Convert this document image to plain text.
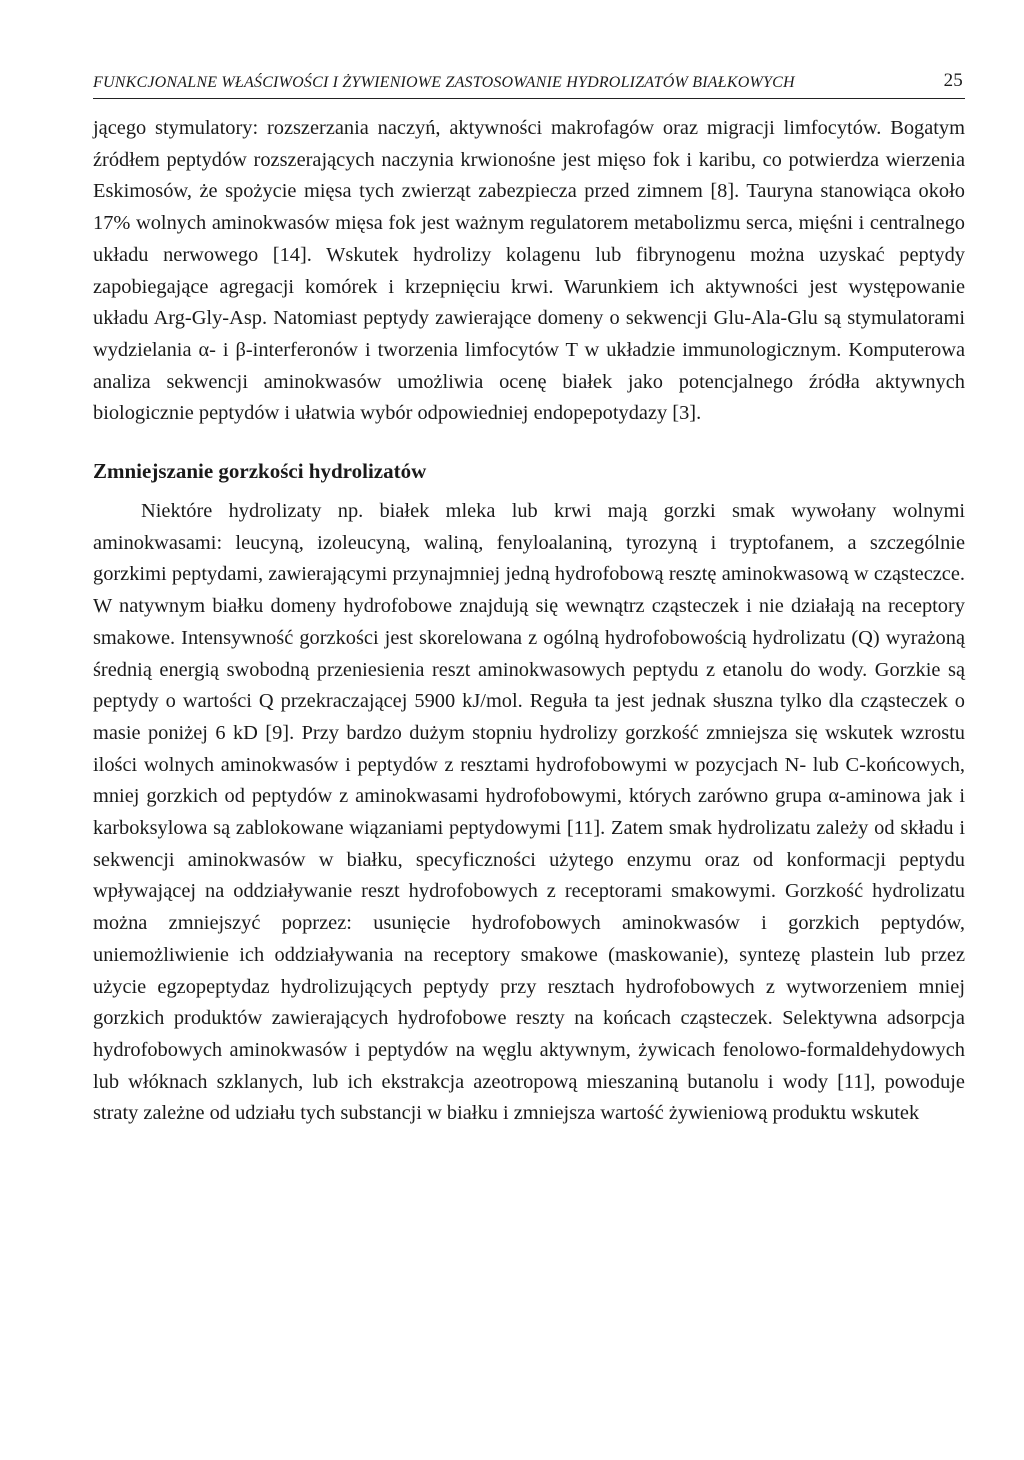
FUNKCJONALNE WŁAŚCIWOŚCI I ŻYWIENIOWE ZASTOSOWANIE HYDROLIZATÓW BIAŁKOWYCH	25

jącego stymulatory: rozszerzania naczyń, aktywności makrofagów oraz migracji limfocytów. Bogatym źródłem peptydów rozszerających naczynia krwionośne jest mięso fok i karibu, co potwierdza wierzenia Eskimosów, że spożycie mięsa tych zwierząt zabezpiecza przed zimnem [8]. Tauryna stanowiąca około 17% wolnych aminokwasów mięsa fok jest ważnym regulatorem metabolizmu serca, mięśni i centralnego układu nerwowego [14]. Wskutek hydrolizy kolagenu lub fibrynogenu można uzyskać peptydy zapobiegające agregacji komórek i krzepnięciu krwi. Warunkiem ich aktywności jest występowanie układu Arg-Gly-Asp. Natomiast peptydy zawierające domeny o sekwencji Glu-Ala-Glu są stymulatorami wydzielania α- i β-interferonów i tworzenia limfocytów T w układzie immunologicznym. Komputerowa analiza sekwencji aminokwasów umożliwia ocenę białek jako potencjalnego źródła aktywnych biologicznie peptydów i ułatwia wybór odpowiedniej endopepotydazy [3].

Zmniejszanie gorzkości hydrolizatów

Niektóre hydrolizaty np. białek mleka lub krwi mają gorzki smak wywołany wolnymi aminokwasami: leucyną, izoleucyną, waliną, fenyloalaniną, tyrozyną i tryptofanem, a szczególnie gorzkimi peptydami, zawierającymi przynajmniej jedną hydrofobową resztę aminokwasową w cząsteczce. W natywnym białku domeny hydrofobowe znajdują się wewnątrz cząsteczek i nie działają na receptory smakowe. Intensywność gorzkości jest skorelowana z ogólną hydrofobowością hydrolizatu (Q) wyrażoną średnią energią swobodną przeniesienia reszt aminokwasowych peptydu z etanolu do wody. Gorzkie są peptydy o wartości Q przekraczającej 5900 kJ/mol. Reguła ta jest jednak słuszna tylko dla cząsteczek o masie poniżej 6 kD [9]. Przy bardzo dużym stopniu hydrolizy gorzkość zmniejsza się wskutek wzrostu ilości wolnych aminokwasów i peptydów z resztami hydrofobowymi w pozycjach N- lub C-końcowych, mniej gorzkich od peptydów z aminokwasami hydrofobowymi, których zarówno grupa α-aminowa jak i karboksylowa są zablokowane wiązaniami peptydowymi [11]. Zatem smak hydrolizatu zależy od składu i sekwencji aminokwasów w białku, specyficzności użytego enzymu oraz od konformacji peptydu wpływającej na oddziaływanie reszt hydrofobowych z receptorami smakowymi. Gorzkość hydrolizatu można zmniejszyć poprzez: usunięcie hydrofobowych aminokwasów i gorzkich peptydów, uniemożliwienie ich oddziaływania na receptory smakowe (maskowanie), syntezę plastein lub przez użycie egzopeptydaz hydrolizujących peptydy przy resztach hydrofobowych z wytworzeniem mniej gorzkich produktów zawierających hydrofobowe reszty na końcach cząsteczek. Selektywna adsorpcja hydrofobowych aminokwasów i peptydów na węglu aktywnym, żywicach fenolowo-formaldehydowych lub włóknach szklanych, lub ich ekstrakcja azeotropową mieszaniną butanolu i wody [11], powoduje straty zależne od udziału tych substancji w białku i zmniejsza wartość żywieniową produktu wskutek
